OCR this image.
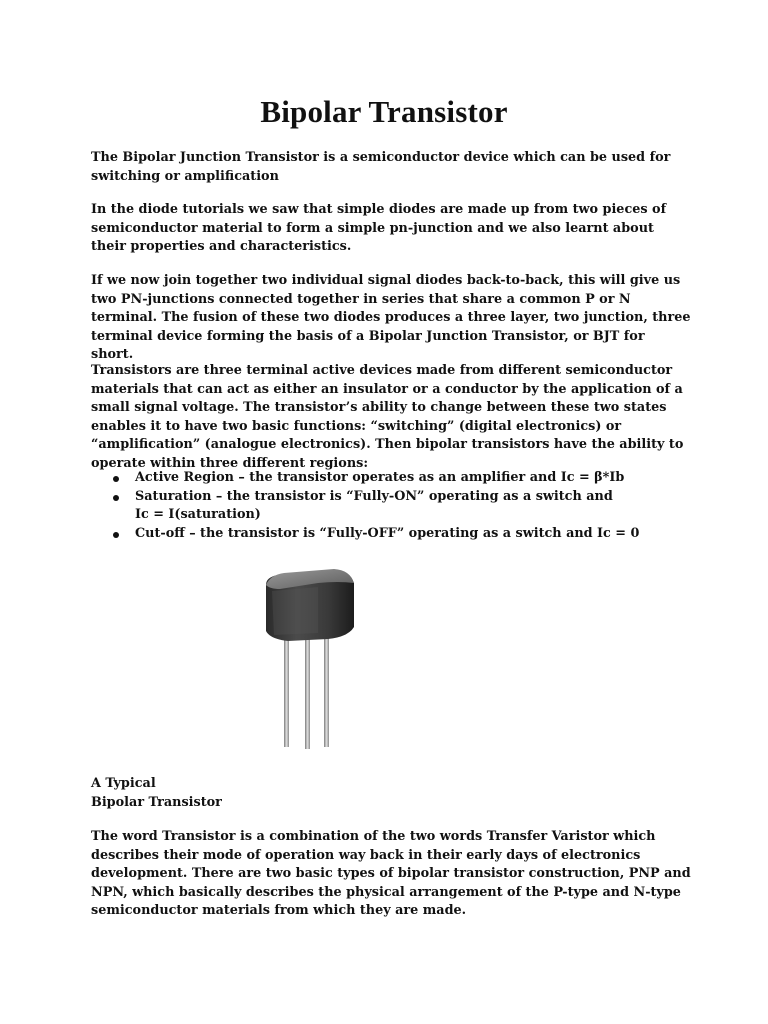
Bipolar Transistor

The Bipolar Junction Transistor is a semiconductor device which can be used for switching or amplification

In the diode tutorials we saw that simple diodes are made up from two pieces of semiconductor material to form a simple pn-junction and we also learnt about their properties and characteristics.

If we now join together two individual signal diodes back-to-back, this will give us two PN-junctions connected together in series that share a common P or N terminal. The fusion of these two diodes produces a three layer, two junction, three terminal device forming the basis of a Bipolar Junction Transistor, or BJT for short.

Transistors are three terminal active devices made from different semiconductor materials that can act as either an insulator or a conductor by the application of a small signal voltage. The transistor’s ability to change between these two states enables it to have two basic functions: “switching” (digital electronics) or “amplification” (analogue electronics). Then bipolar transistors have the ability to operate within three different regions:

Active Region – the transistor operates as an amplifier and Ic = β*Ib
Saturation – the transistor is “Fully-ON” operating as a switch and
Ic = I(saturation)
Cut-off – the transistor is “Fully-OFF” operating as a switch and Ic = 0
A Typical
Bipolar Transistor

The word Transistor is a combination of the two words Transfer Varistor which describes their mode of operation way back in their early days of electronics development. There are two basic types of bipolar transistor construction, PNP and NPN, which basically describes the physical arrangement of the P-type and N-type semiconductor materials from which they are made.
